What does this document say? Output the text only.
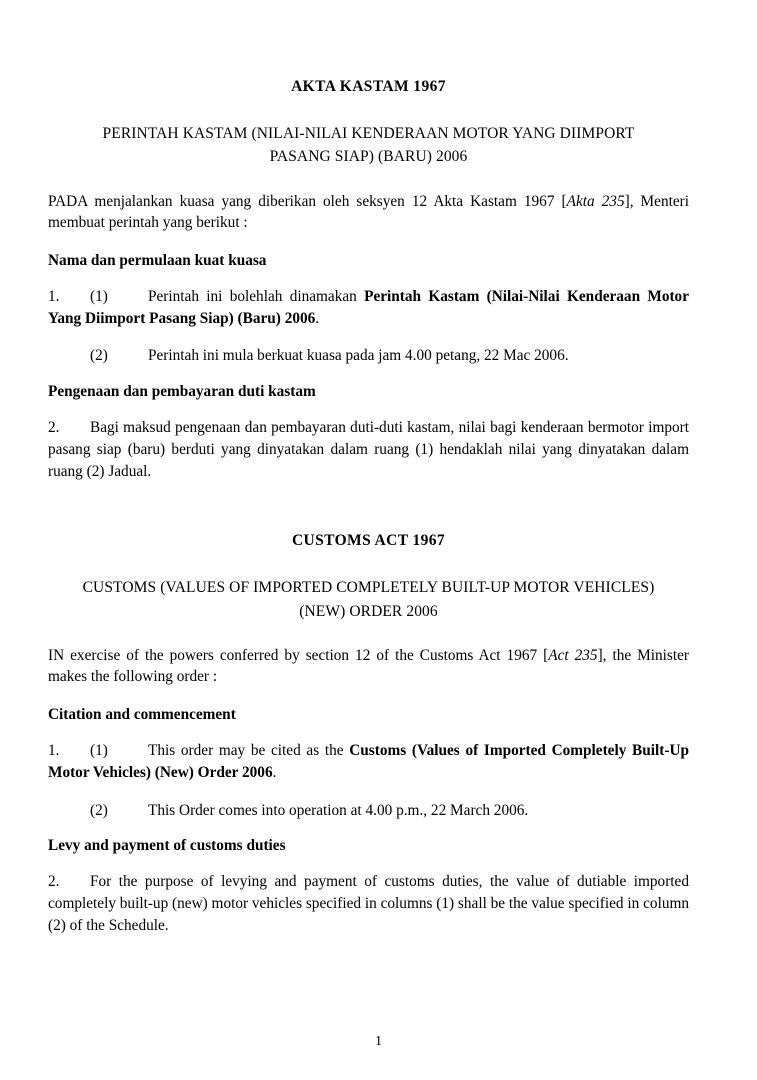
AKTA KASTAM 1967
PERINTAH KASTAM (NILAI-NILAI KENDERAAN MOTOR YANG DIIMPORT
PASANG SIAP) (BARU) 2006

PADA menjalankan kuasa yang diberikan oleh seksyen 12 Akta Kastam 1967 [Akta 235], Menteri membuat perintah yang berikut :

Nama dan permulaan kuat kuasa
1. (1)	Perintah ini bolehlah dinamakan Perintah Kastam (Nilai-Nilai Kenderaan Motor Yang Diimport Pasang Siap) (Baru) 2006.
(2)	Perintah ini mula berkuat kuasa pada jam 4.00 petang, 22 Mac 2006.
Pengenaan dan pembayaran duti kastam
2. Bagi maksud pengenaan dan pembayaran duti-duti kastam, nilai bagi kenderaan bermotor import pasang siap (baru) berduti yang dinyatakan dalam ruang (1) hendaklah nilai yang dinyatakan dalam ruang (2) Jadual.
CUSTOMS ACT 1967
CUSTOMS (VALUES OF IMPORTED COMPLETELY BUILT-UP MOTOR VEHICLES)
(NEW) ORDER 2006

IN exercise of the powers conferred by section 12 of the Customs Act 1967 [Act 235], the Minister makes the following order :

Citation and commencement
1. (1)	This order may be cited as the Customs (Values of Imported Completely Built-Up Motor Vehicles) (New) Order 2006.
(2)	This Order comes into operation at 4.00 p.m., 22 March 2006.
Levy and payment of customs duties
2. For the purpose of levying and payment of customs duties, the value of dutiable imported completely built-up (new) motor vehicles specified in columns (1) shall be the value specified in column (2) of the Schedule.
1
